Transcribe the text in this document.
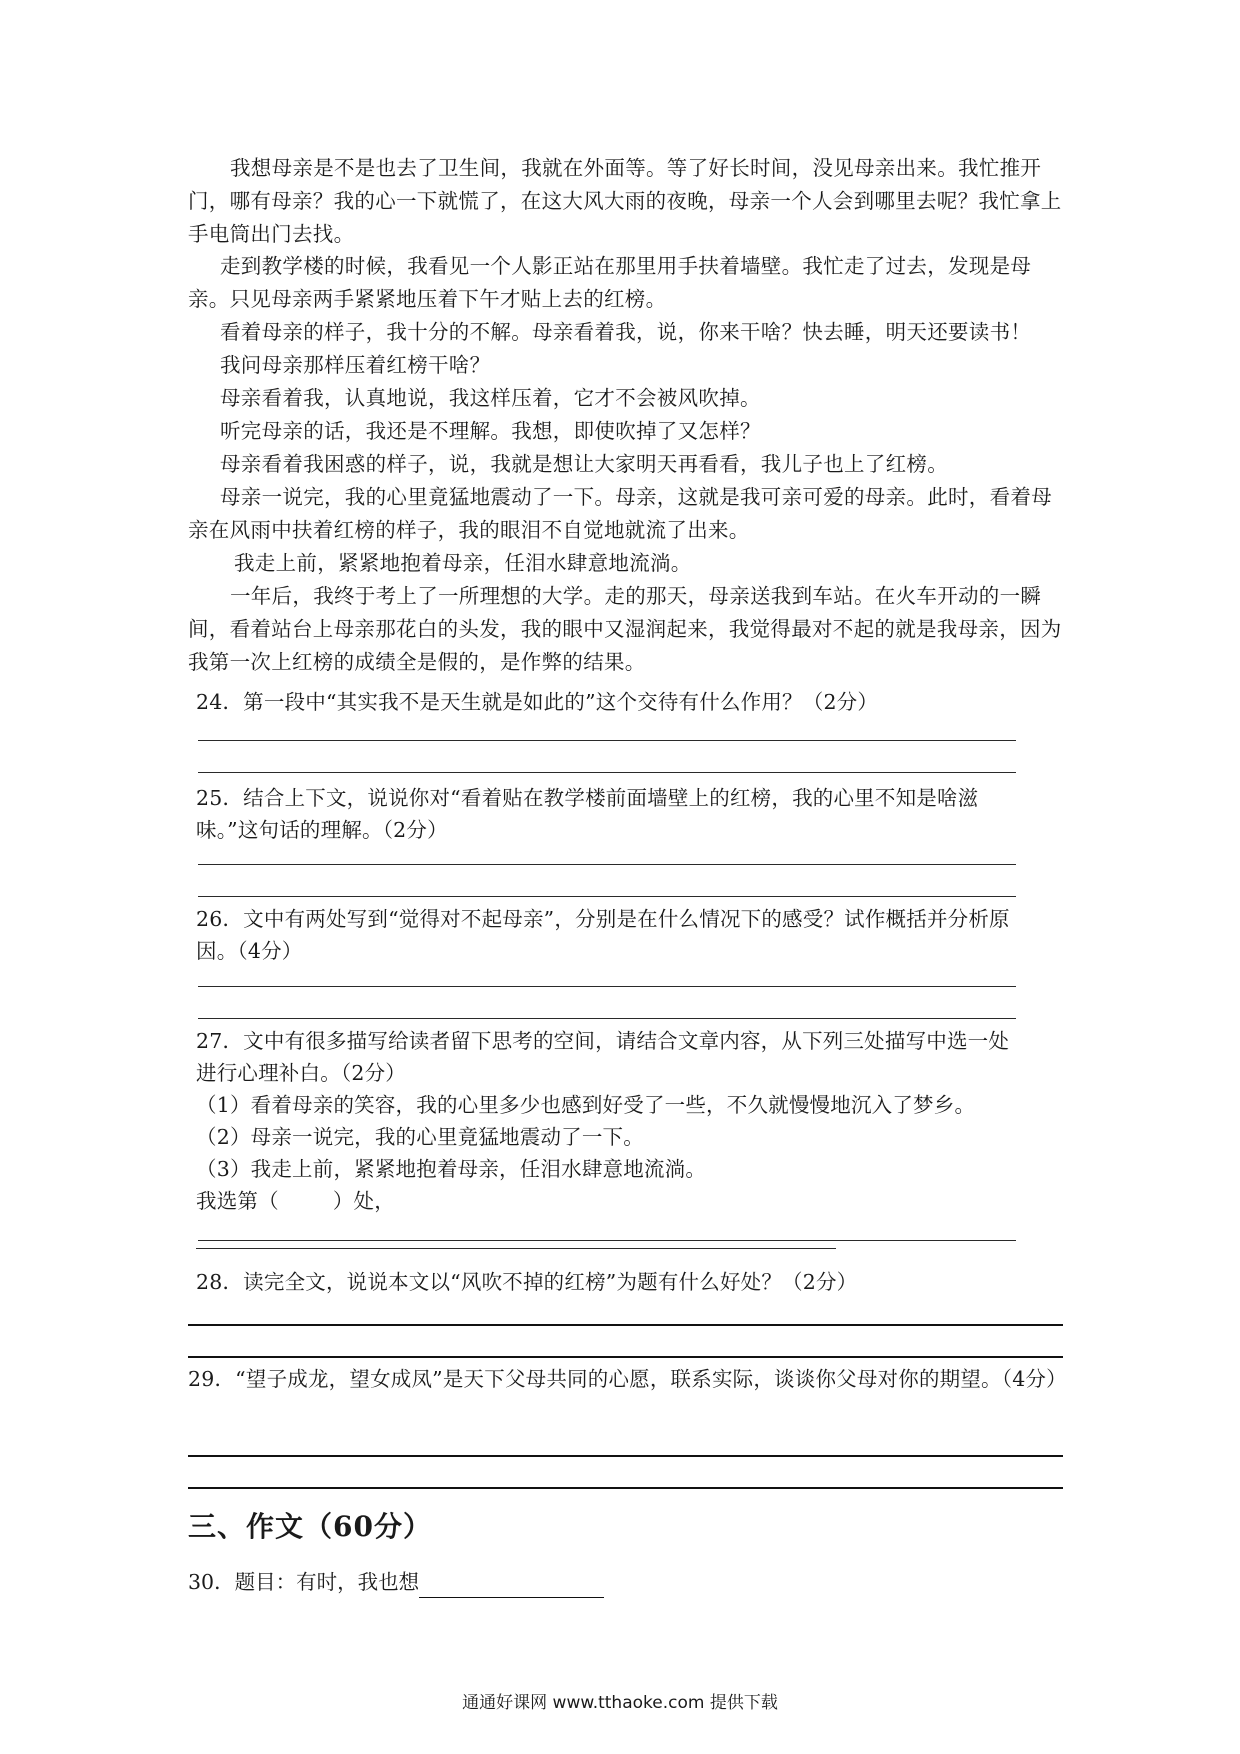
我想母亲是不是也去了卫生间，我就在外面等。等了好长时间，没见母亲出来。我忙推开门，哪有母亲？我的心一下就慌了，在这大风大雨的夜晚，母亲一个人会到哪里去呢？我忙拿上手电筒出门去找。

走到教学楼的时候，我看见一个人影正站在那里用手扶着墙壁。我忙走了过去，发现是母亲。只见母亲两手紧紧地压着下午才贴上去的红榜。

看着母亲的样子，我十分的不解。母亲看着我，说，你来干啥？快去睡，明天还要读书！

我问母亲那样压着红榜干啥？

母亲看着我，认真地说，我这样压着，它才不会被风吹掉。

听完母亲的话，我还是不理解。我想，即使吹掉了又怎样？

母亲看着我困惑的样子，说，我就是想让大家明天再看看，我儿子也上了红榜。

母亲一说完，我的心里竟猛地震动了一下。母亲，这就是我可亲可爱的母亲。此时，看着母亲在风雨中扶着红榜的样子，我的眼泪不自觉地就流了出来。

我走上前，紧紧地抱着母亲，任泪水肆意地流淌。

一年后，我终于考上了一所理想的大学。走的那天，母亲送我到车站。在火车开动的一瞬间，看着站台上母亲那花白的头发，我的眼中又湿润起来，我觉得最对不起的就是我母亲，因为我第一次上红榜的成绩全是假的，是作弊的结果。

24．第一段中“其实我不是天生就是如此的”这个交待有什么作用？（2分）

25．结合上下文，说说你对“看着贴在教学楼前面墙壁上的红榜，我的心里不知是啥滋味。”这句话的理解。（2分）

26．文中有两处写到“觉得对不起母亲”，分别是在什么情况下的感受？试作概括并分析原因。（4分）

27．文中有很多描写给读者留下思考的空间，请结合文章内容，从下列三处描写中选一处进行心理补白。（2分）

（1）看着母亲的笑容，我的心里多少也感到好受了一些，不久就慢慢地沉入了梦乡。

（2）母亲一说完，我的心里竟猛地震动了一下。

（3）我走上前，紧紧地抱着母亲，任泪水肆意地流淌。

我选第（	）处，

28．读完全文，说说本文以“风吹不掉的红榜”为题有什么好处？（2分）

29．“望子成龙，望女成凤”是天下父母共同的心愿，联系实际，谈谈你父母对你的期望。（4分）

三、作文（60分）

30．题目：有时，我也想
通通好课网 www.tthaoke.com 提供下载
